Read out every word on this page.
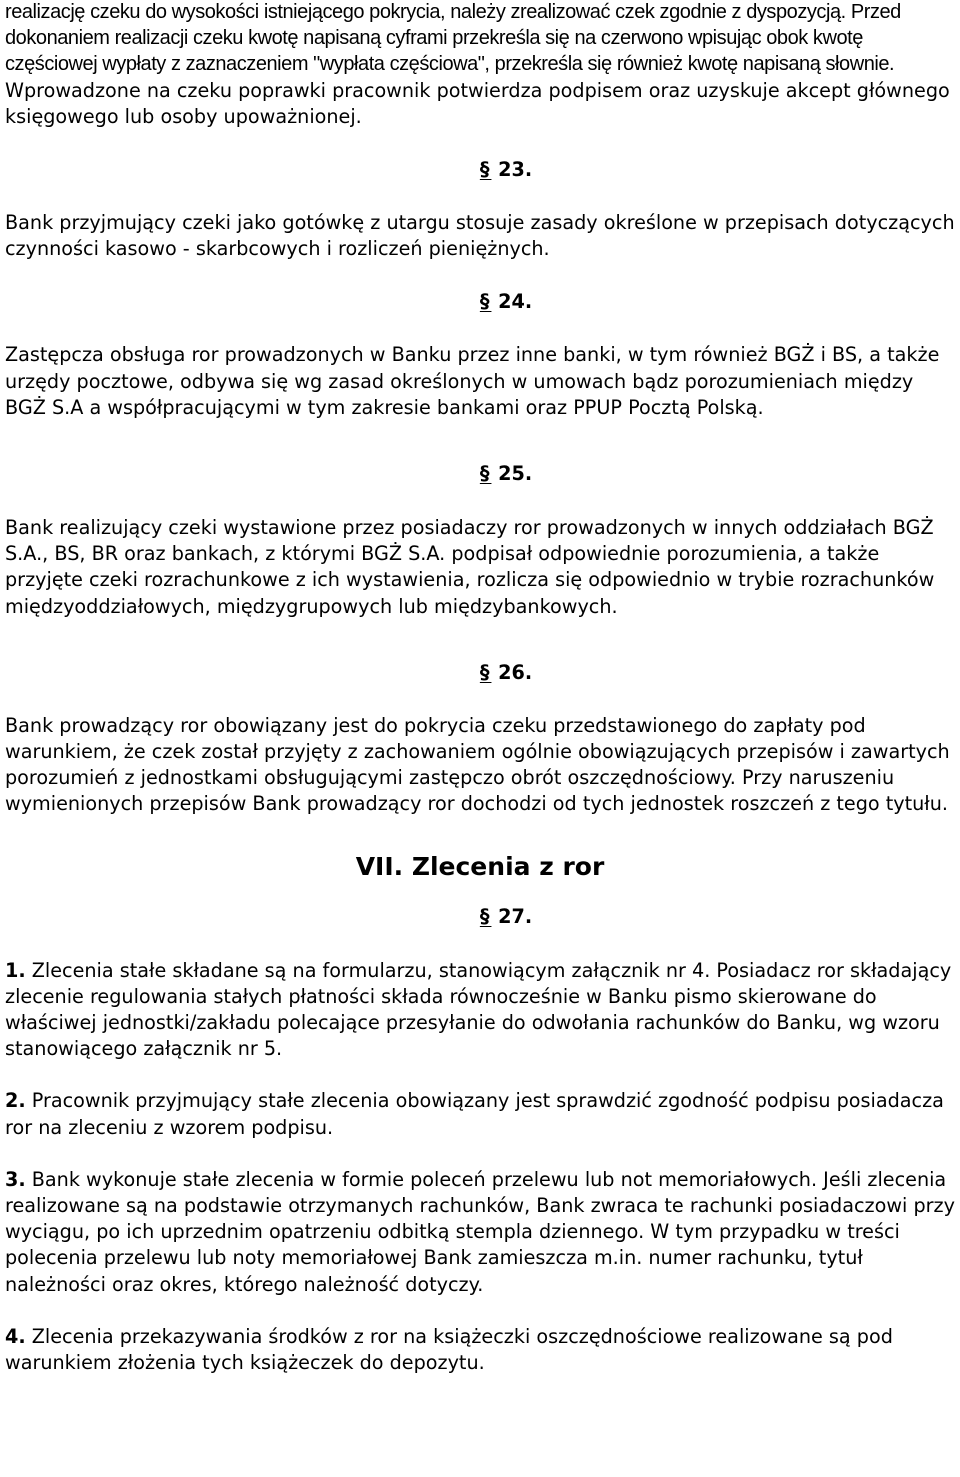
realizację czeku do wysokości istniejącego pokrycia, należy zrealizować czek zgodnie z dyspozycją. Przed dokonaniem realizacji czeku kwotę napisaną cyframi przekreśla się na czerwono wpisując obok kwotę częściowej wypłaty z zaznaczeniem "wypłata częściowa", przekreśla się również kwotę napisaną słownie. Wprowadzone na czeku poprawki pracownik potwierdza podpisem oraz uzyskuje akcept głównego księgowego lub osoby upoważnionej.

§ 23.

Bank przyjmujący czeki jako gotówkę z utargu stosuje zasady określone w przepisach dotyczących czynności kasowo - skarbcowych i rozliczeń pieniężnych.

§ 24.

Zastępcza obsługa ror prowadzonych w Banku przez inne banki, w tym również BGŻ i BS, a także urzędy pocztowe, odbywa się wg zasad określonych w umowach bądz porozumieniach między BGŻ S.A a współpracującymi w tym zakresie bankami oraz PPUP Pocztą Polską.

§ 25.

Bank realizujący czeki wystawione przez posiadaczy ror prowadzonych w innych oddziałach BGŻ S.A., BS, BR oraz bankach, z którymi BGŻ S.A. podpisał odpowiednie porozumienia, a także przyjęte czeki rozrachunkowe z ich wystawienia, rozlicza się odpowiednio w trybie rozrachunków międzyoddziałowych, międzygrupowych lub międzybankowych.

§ 26.

Bank prowadzący ror obowiązany jest do pokrycia czeku przedstawionego do zapłaty pod warunkiem, że czek został przyjęty z zachowaniem ogólnie obowiązujących przepisów i zawartych porozumień z jednostkami obsługującymi zastępczo obrót oszczędnościowy. Przy naruszeniu wymienionych przepisów Bank prowadzący ror dochodzi od tych jednostek roszczeń z tego tytułu.

VII. Zlecenia z ror
§ 27.

1. Zlecenia stałe składane są na formularzu, stanowiącym załącznik nr 4. Posiadacz ror składający zlecenie regulowania stałych płatności składa równocześnie w Banku pismo skierowane do właściwej jednostki/zakładu polecające przesyłanie do odwołania rachunków do Banku, wg wzoru stanowiącego załącznik nr 5.

2. Pracownik przyjmujący stałe zlecenia obowiązany jest sprawdzić zgodność podpisu posiadacza ror na zleceniu z wzorem podpisu.

3. Bank wykonuje stałe zlecenia w formie poleceń przelewu lub not memoriałowych. Jeśli zlecenia realizowane są na podstawie otrzymanych rachunków, Bank zwraca te rachunki posiadaczowi przy wyciągu, po ich uprzednim opatrzeniu odbitką stempla dziennego. W tym przypadku w treści polecenia przelewu lub noty memoriałowej Bank zamieszcza m.in. numer rachunku, tytuł należności oraz okres, którego należność dotyczy.

4. Zlecenia przekazywania środków z ror na książeczki oszczędnościowe realizowane są pod warunkiem złożenia tych książeczek do depozytu.
